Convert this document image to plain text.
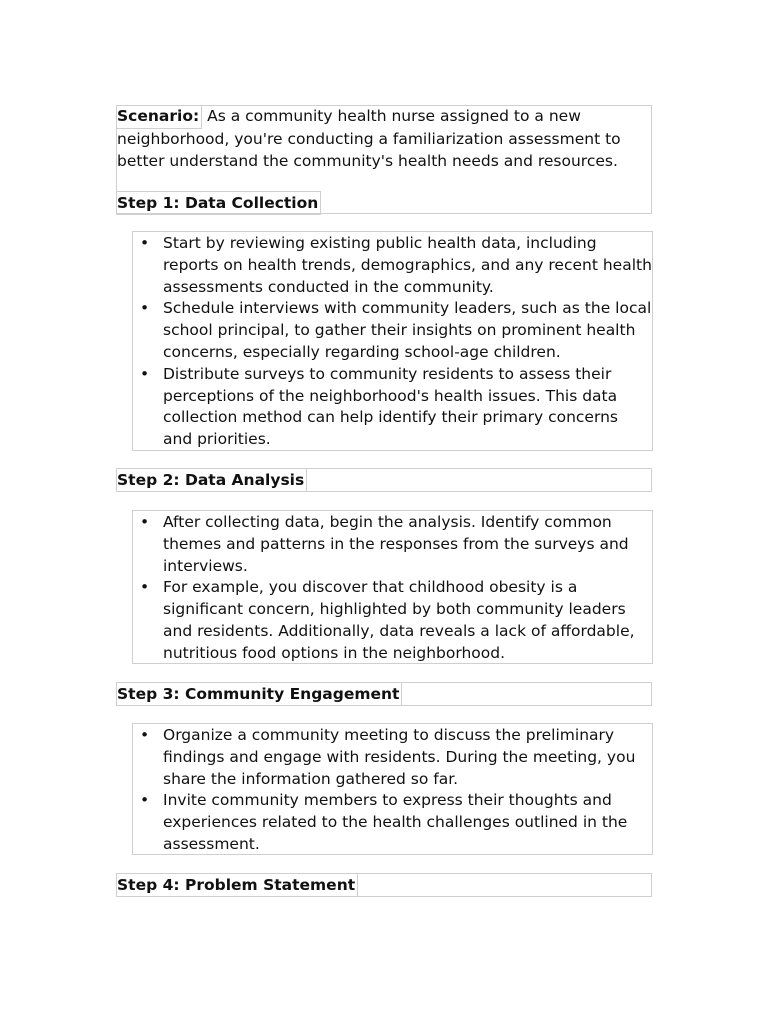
Scenario: As a community health nurse assigned to a new neighborhood, you're conducting a familiarization assessment to better understand the community's health needs and resources.

Step 1: Data Collection
• Start by reviewing existing public health data, including reports on health trends, demographics, and any recent health assessments conducted in the community.
• Schedule interviews with community leaders, such as the local school principal, to gather their insights on prominent health concerns, especially regarding school-age children.
• Distribute surveys to community residents to assess their perceptions of the neighborhood's health issues. This data collection method can help identify their primary concerns and priorities.
Step 2: Data Analysis
• After collecting data, begin the analysis. Identify common themes and patterns in the responses from the surveys and interviews.
• For example, you discover that childhood obesity is a significant concern, highlighted by both community leaders and residents. Additionally, data reveals a lack of affordable, nutritious food options in the neighborhood.
Step 3: Community Engagement
• Organize a community meeting to discuss the preliminary findings and engage with residents. During the meeting, you share the information gathered so far.
• Invite community members to express their thoughts and experiences related to the health challenges outlined in the assessment.
Step 4: Problem Statement
